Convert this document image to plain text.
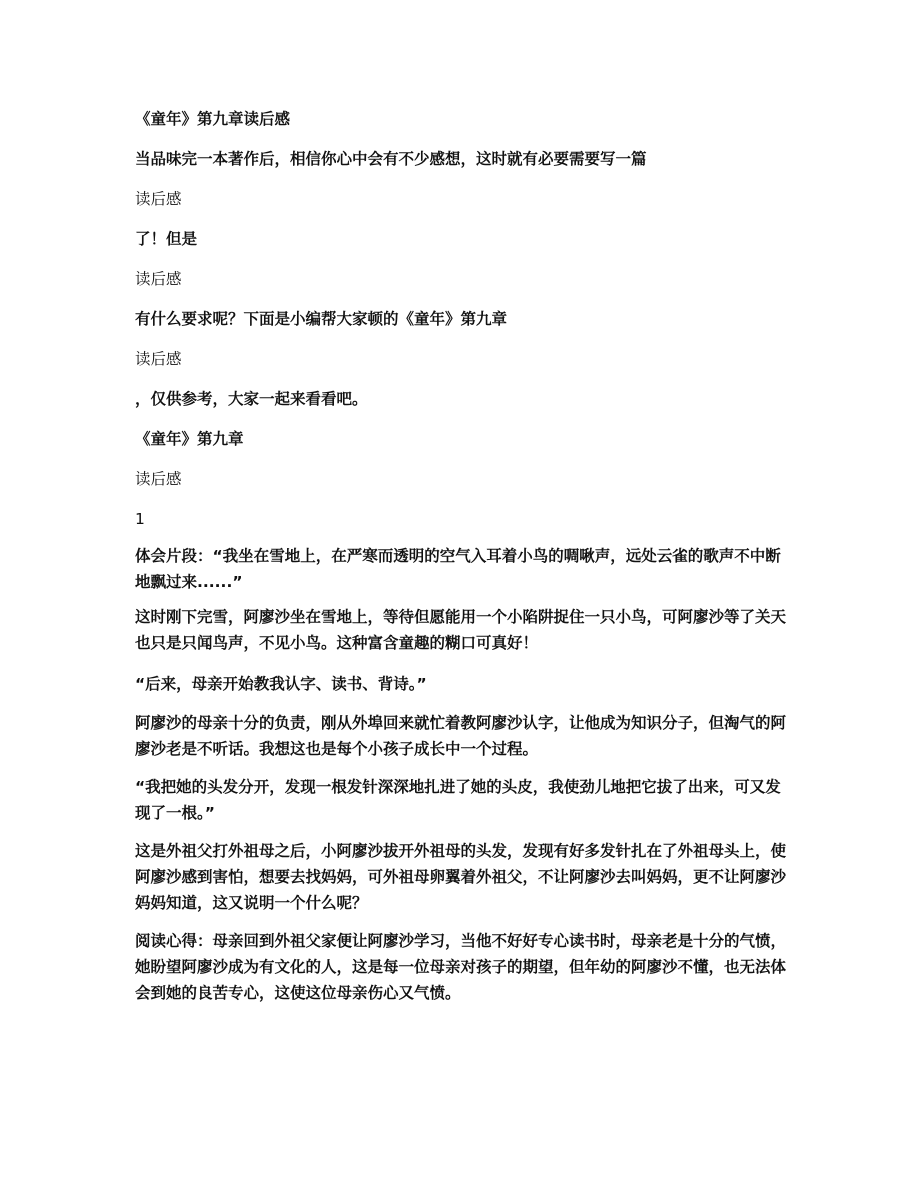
《童年》第九章读后感

当品味完一本著作后，相信你心中会有不少感想，这时就有必要需要写一篇

读后感

了！但是

读后感

有什么要求呢？下面是小编帮大家顿的《童年》第九章

读后感

，仅供参考，大家一起来看看吧。

《童年》第九章

读后感

1

体会片段：“我坐在雪地上，在严寒而透明的空气入耳着小鸟的啁啾声，远处云雀的歌声不中断地飘过来......”

这时刚下完雪，阿廖沙坐在雪地上，等待但愿能用一个小陷阱捉住一只小鸟，可阿廖沙等了关天也只是只闻鸟声，不见小鸟。这种富含童趣的糊口可真好！

“后来，母亲开始教我认字、读书、背诗。”

阿廖沙的母亲十分的负责，刚从外埠回来就忙着教阿廖沙认字，让他成为知识分子，但淘气的阿廖沙老是不听话。我想这也是每个小孩子成长中一个过程。

“我把她的头发分开，发现一根发针深深地扎进了她的头皮，我使劲儿地把它拔了出来，可又发现了一根。”

这是外祖父打外祖母之后，小阿廖沙拔开外祖母的头发，发现有好多发针扎在了外祖母头上，使阿廖沙感到害怕，想要去找妈妈，可外祖母卵翼着外祖父，不让阿廖沙去叫妈妈，更不让阿廖沙妈妈知道，这又说明一个什么呢？

阅读心得：母亲回到外祖父家便让阿廖沙学习，当他不好好专心读书时，母亲老是十分的气愤，她盼望阿廖沙成为有文化的人，这是每一位母亲对孩子的期望，但年幼的阿廖沙不懂，也无法体会到她的良苦专心，这使这位母亲伤心又气愤。
